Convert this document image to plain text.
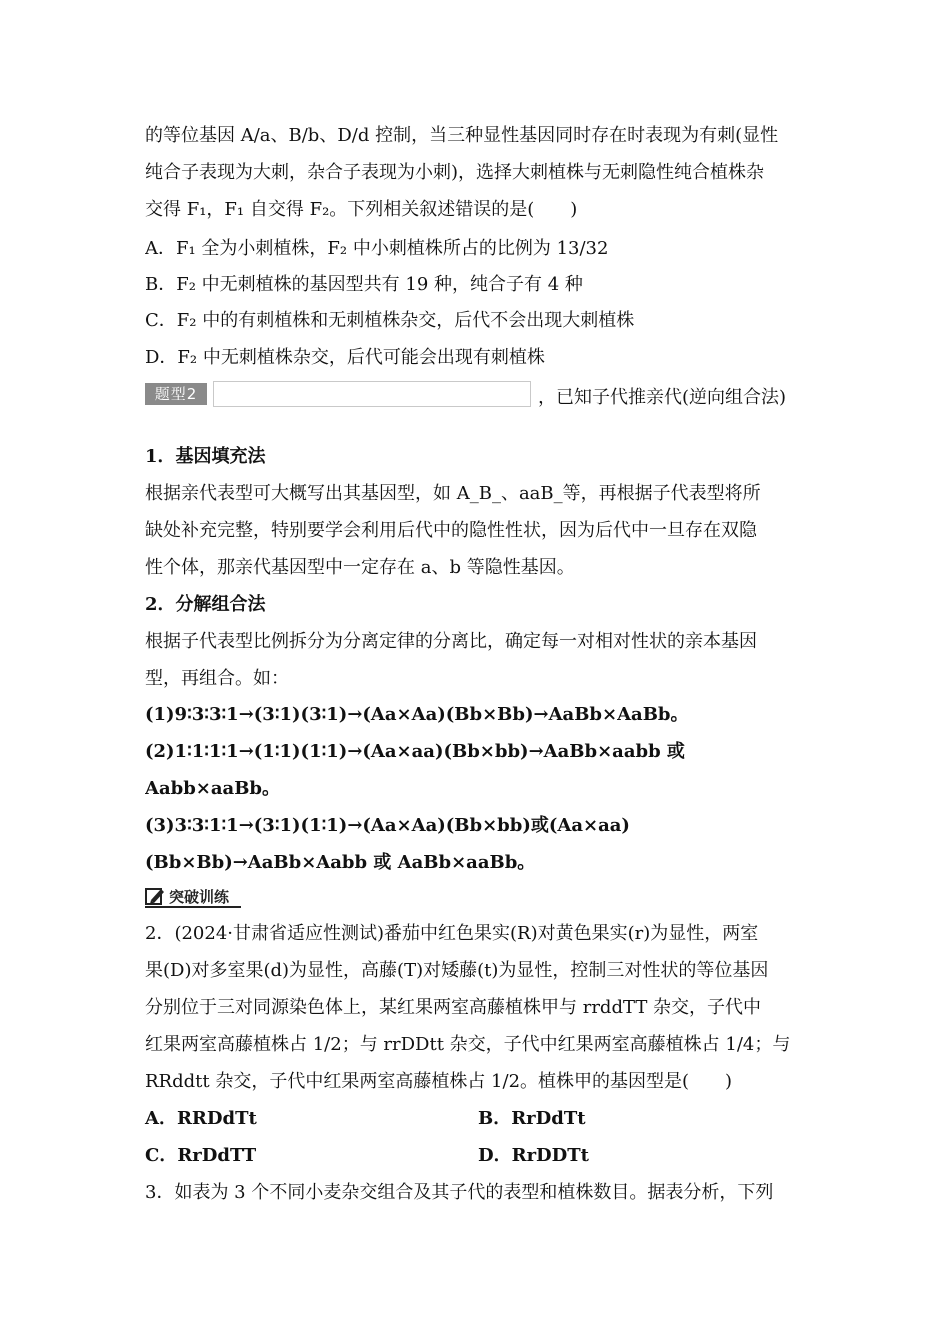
的等位基因 A/a、B/b、D/d 控制，当三种显性基因同时存在时表现为有刺(显性
纯合子表现为大刺，杂合子表现为小刺)，选择大刺植株与无刺隐性纯合植株杂
交得 F₁，F₁ 自交得 F₂。下列相关叙述错误的是(　　)
A．F₁ 全为小刺植株，F₂ 中小刺植株所占的比例为 13/32
B．F₂ 中无刺植株的基因型共有 19 种，纯合子有 4 种
C．F₂ 中的有刺植株和无刺植株杂交，后代不会出现大刺植株
D．F₂ 中无刺植株杂交，后代可能会出现有刺植株
题型2	，已知子代推亲代(逆向组合法)
1．基因填充法
根据亲代表型可大概写出其基因型，如 A_B_、aaB_等，再根据子代表型将所
缺处补充完整，特别要学会利用后代中的隐性性状，因为后代中一旦存在双隐
性个体，那亲代基因型中一定存在 a、b 等隐性基因。
2．分解组合法
根据子代表型比例拆分为分离定律的分离比，确定每一对相对性状的亲本基因
型，再组合。如：
(1)9∶3∶3∶1→(3∶1)(3∶1)→(Aa×Aa)(Bb×Bb)→AaBb×AaBb。
(2)1∶1∶1∶1→(1∶1)(1∶1)→(Aa×aa)(Bb×bb)→AaBb×aabb 或
Aabb×aaBb。
(3)3∶3∶1∶1→(3∶1)(1∶1)→(Aa×Aa)(Bb×bb)或(Aa×aa)
(Bb×Bb)→AaBb×Aabb 或 AaBb×aaBb。
突破训练
2．(2024·甘肃省适应性测试)番茄中红色果实(R)对黄色果实(r)为显性，两室
果(D)对多室果(d)为显性，高藤(T)对矮藤(t)为显性，控制三对性状的等位基因
分别位于三对同源染色体上，某红果两室高藤植株甲与 rrddTT 杂交，子代中
红果两室高藤植株占 1/2；与 rrDDtt 杂交，子代中红果两室高藤植株占 1/4；与
RRddtt 杂交，子代中红果两室高藤植株占 1/2。植株甲的基因型是(　　)
A．RRDdTt	B．RrDdTt
C．RrDdTT	D．RrDDTt
3．如表为 3 个不同小麦杂交组合及其子代的表型和植株数目。据表分析，下列
